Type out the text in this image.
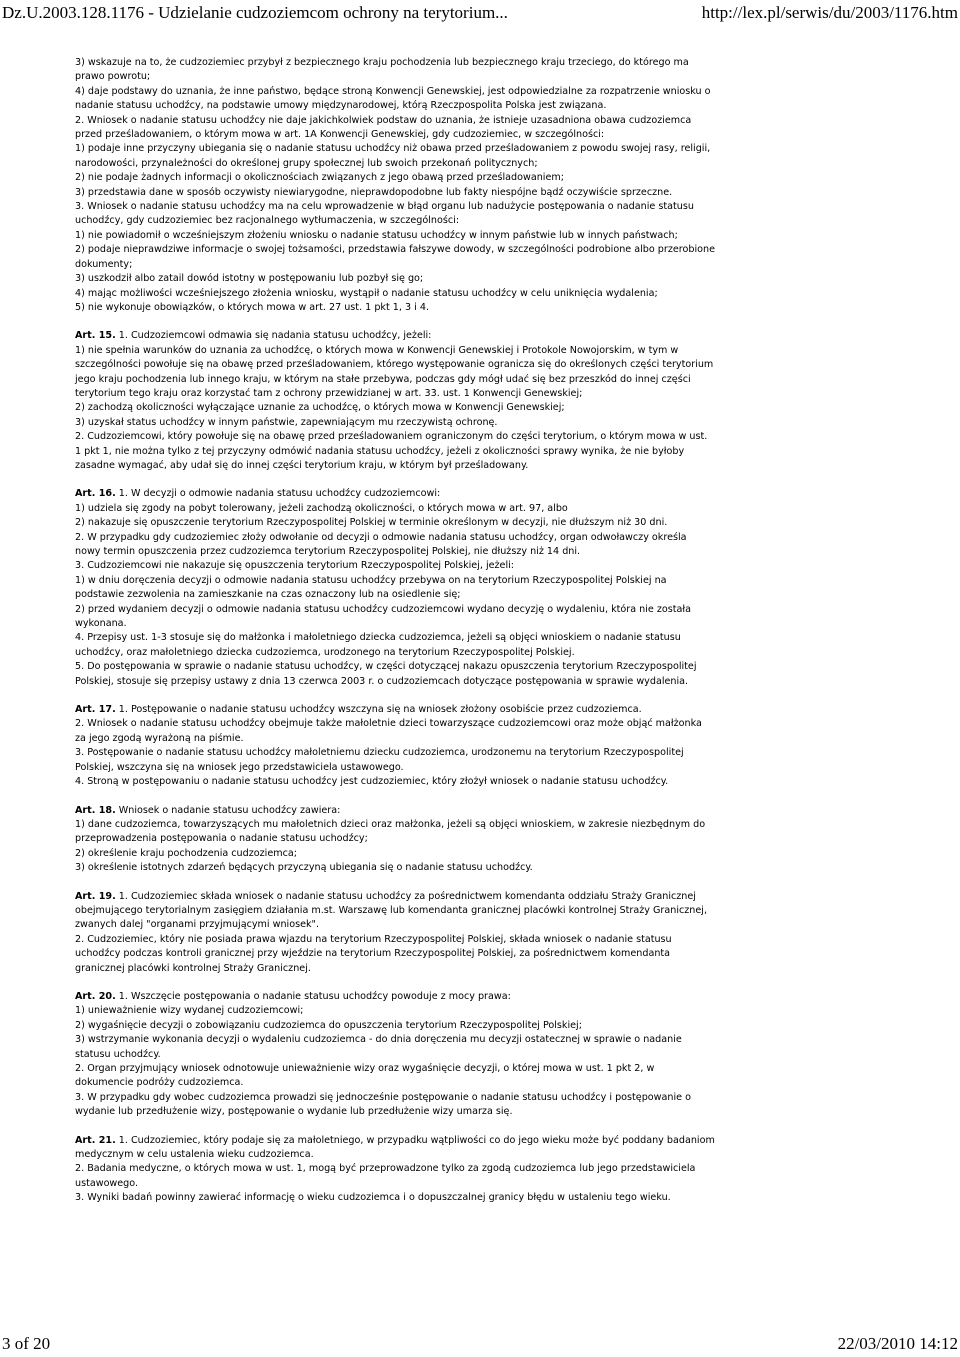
Dz.U.2003.128.1176 - Udzielanie cudzoziemcom ochrony na terytorium...	http://lex.pl/serwis/du/2003/1176.htm

3) wskazuje na to, że cudzoziemiec przybył z bezpiecznego kraju pochodzenia lub bezpiecznego kraju trzeciego, do którego ma prawo powrotu;

4) daje podstawy do uznania, że inne państwo, będące stroną Konwencji Genewskiej, jest odpowiedzialne za rozpatrzenie wniosku o nadanie statusu uchodźcy, na podstawie umowy międzynarodowej, którą Rzeczpospolita Polska jest związana.

2. Wniosek o nadanie statusu uchodźcy nie daje jakichkolwiek podstaw do uznania, że istnieje uzasadniona obawa cudzoziemca przed prześladowaniem, o którym mowa w art. 1A Konwencji Genewskiej, gdy cudzoziemiec, w szczególności:

1) podaje inne przyczyny ubiegania się o nadanie statusu uchodźcy niż obawa przed prześladowaniem z powodu swojej rasy, religii, narodowości, przynależności do określonej grupy społecznej lub swoich przekonań politycznych;

2) nie podaje żadnych informacji o okolicznościach związanych z jego obawą przed prześladowaniem;

3) przedstawia dane w sposób oczywisty niewiarygodne, nieprawdopodobne lub fakty niespójne bądź oczywiście sprzeczne.

3. Wniosek o nadanie statusu uchodźcy ma na celu wprowadzenie w błąd organu lub nadużycie postępowania o nadanie statusu uchodźcy, gdy cudzoziemiec bez racjonalnego wytłumaczenia, w szczególności:

1) nie powiadomił o wcześniejszym złożeniu wniosku o nadanie statusu uchodźcy w innym państwie lub w innych państwach;

2) podaje nieprawdziwe informacje o swojej tożsamości, przedstawia fałszywe dowody, w szczególności podrobione albo przerobione dokumenty;

3) uszkodził albo zatail dowód istotny w postępowaniu lub pozbył się go;

4) mając możliwości wcześniejszego złożenia wniosku, wystąpił o nadanie statusu uchodźcy w celu uniknięcia wydalenia;

5) nie wykonuje obowiązków, o których mowa w art. 27 ust. 1 pkt 1, 3 i 4.

Art. 15. 1. Cudzoziemcowi odmawia się nadania statusu uchodźcy, jeżeli:

1) nie spełnia warunków do uznania za uchodźcę, o których mowa w Konwencji Genewskiej i Protokole Nowojorskim, w tym w szczególności powołuje się na obawę przed prześladowaniem, którego występowanie ogranicza się do określonych części terytorium jego kraju pochodzenia lub innego kraju, w którym na stałe przebywa, podczas gdy mógł udać się bez przeszkód do innej części terytorium tego kraju oraz korzystać tam z ochrony przewidzianej w art. 33. ust. 1 Konwencji Genewskiej;

2) zachodzą okoliczności wyłączające uznanie za uchodźcę, o których mowa w Konwencji Genewskiej;

3) uzyskał status uchodźcy w innym państwie, zapewniającym mu rzeczywistą ochronę.

2. Cudzoziemcowi, który powołuje się na obawę przed prześladowaniem ograniczonym do części terytorium, o którym mowa w ust. 1 pkt 1, nie można tylko z tej przyczyny odmówić nadania statusu uchodźcy, jeżeli z okoliczności sprawy wynika, że nie byłoby zasadne wymagać, aby udał się do innej części terytorium kraju, w którym był prześladowany.

Art. 16. 1. W decyzji o odmowie nadania statusu uchodźcy cudzoziemcowi:

1) udziela się zgody na pobyt tolerowany, jeżeli zachodzą okoliczności, o których mowa w art. 97, albo

2) nakazuje się opuszczenie terytorium Rzeczypospolitej Polskiej w terminie określonym w decyzji, nie dłuższym niż 30 dni.

2. W przypadku gdy cudzoziemiec złoży odwołanie od decyzji o odmowie nadania statusu uchodźcy, organ odwoławczy określa nowy termin opuszczenia przez cudzoziemca terytorium Rzeczypospolitej Polskiej, nie dłuższy niż 14 dni.

3. Cudzoziemcowi nie nakazuje się opuszczenia terytorium Rzeczypospolitej Polskiej, jeżeli:

1) w dniu doręczenia decyzji o odmowie nadania statusu uchodźcy przebywa on na terytorium Rzeczypospolitej Polskiej na podstawie zezwolenia na zamieszkanie na czas oznaczony lub na osiedlenie się;

2) przed wydaniem decyzji o odmowie nadania statusu uchodźcy cudzoziemcowi wydano decyzję o wydaleniu, która nie została wykonana.

4. Przepisy ust. 1-3 stosuje się do małżonka i małoletniego dziecka cudzoziemca, jeżeli są objęci wnioskiem o nadanie statusu uchodźcy, oraz małoletniego dziecka cudzoziemca, urodzonego na terytorium Rzeczypospolitej Polskiej.

5. Do postępowania w sprawie o nadanie statusu uchodźcy, w części dotyczącej nakazu opuszczenia terytorium Rzeczypospolitej Polskiej, stosuje się przepisy ustawy z dnia 13 czerwca 2003 r. o cudzoziemcach dotyczące postępowania w sprawie wydalenia.

Art. 17. 1. Postępowanie o nadanie statusu uchodźcy wszczyna się na wniosek złożony osobiście przez cudzoziemca.

2. Wniosek o nadanie statusu uchodźcy obejmuje także małoletnie dzieci towarzyszące cudzoziemcowi oraz może objąć małżonka za jego zgodą wyrażoną na piśmie.

3. Postępowanie o nadanie statusu uchodźcy małoletniemu dziecku cudzoziemca, urodzonemu na terytorium Rzeczypospolitej Polskiej, wszczyna się na wniosek jego przedstawiciela ustawowego.

4. Stroną w postępowaniu o nadanie statusu uchodźcy jest cudzoziemiec, który złożył wniosek o nadanie statusu uchodźcy.

Art. 18. Wniosek o nadanie statusu uchodźcy zawiera:

1) dane cudzoziemca, towarzyszących mu małoletnich dzieci oraz małżonka, jeżeli są objęci wnioskiem, w zakresie niezbędnym do przeprowadzenia postępowania o nadanie statusu uchodźcy;

2) określenie kraju pochodzenia cudzoziemca;

3) określenie istotnych zdarzeń będących przyczyną ubiegania się o nadanie statusu uchodźcy.

Art. 19. 1. Cudzoziemiec składa wniosek o nadanie statusu uchodźcy za pośrednictwem komendanta oddziału Straży Granicznej obejmującego terytorialnym zasięgiem działania m.st. Warszawę lub komendanta granicznej placówki kontrolnej Straży Granicznej, zwanych dalej "organami przyjmującymi wniosek".

2. Cudzoziemiec, który nie posiada prawa wjazdu na terytorium Rzeczypospolitej Polskiej, składa wniosek o nadanie statusu uchodźcy podczas kontroli granicznej przy wjeździe na terytorium Rzeczypospolitej Polskiej, za pośrednictwem komendanta granicznej placówki kontrolnej Straży Granicznej.

Art. 20. 1. Wszczęcie postępowania o nadanie statusu uchodźcy powoduje z mocy prawa:

1) unieważnienie wizy wydanej cudzoziemcowi;

2) wygaśnięcie decyzji o zobowiązaniu cudzoziemca do opuszczenia terytorium Rzeczypospolitej Polskiej;

3) wstrzymanie wykonania decyzji o wydaleniu cudzoziemca - do dnia doręczenia mu decyzji ostatecznej w sprawie o nadanie statusu uchodźcy.

2. Organ przyjmujący wniosek odnotowuje unieważnienie wizy oraz wygaśnięcie decyzji, o której mowa w ust. 1 pkt 2, w dokumencie podróży cudzoziemca.

3. W przypadku gdy wobec cudzoziemca prowadzi się jednocześnie postępowanie o nadanie statusu uchodźcy i postępowanie o wydanie lub przedłużenie wizy, postępowanie o wydanie lub przedłużenie wizy umarza się.

Art. 21. 1. Cudzoziemiec, który podaje się za małoletniego, w przypadku wątpliwości co do jego wieku może być poddany badaniom medycznym w celu ustalenia wieku cudzoziemca.

2. Badania medyczne, o których mowa w ust. 1, mogą być przeprowadzone tylko za zgodą cudzoziemca lub jego przedstawiciela ustawowego.

3. Wyniki badań powinny zawierać informację o wieku cudzoziemca i o dopuszczalnej granicy błędu w ustaleniu tego wieku.

3 of 20	22/03/2010 14:12
